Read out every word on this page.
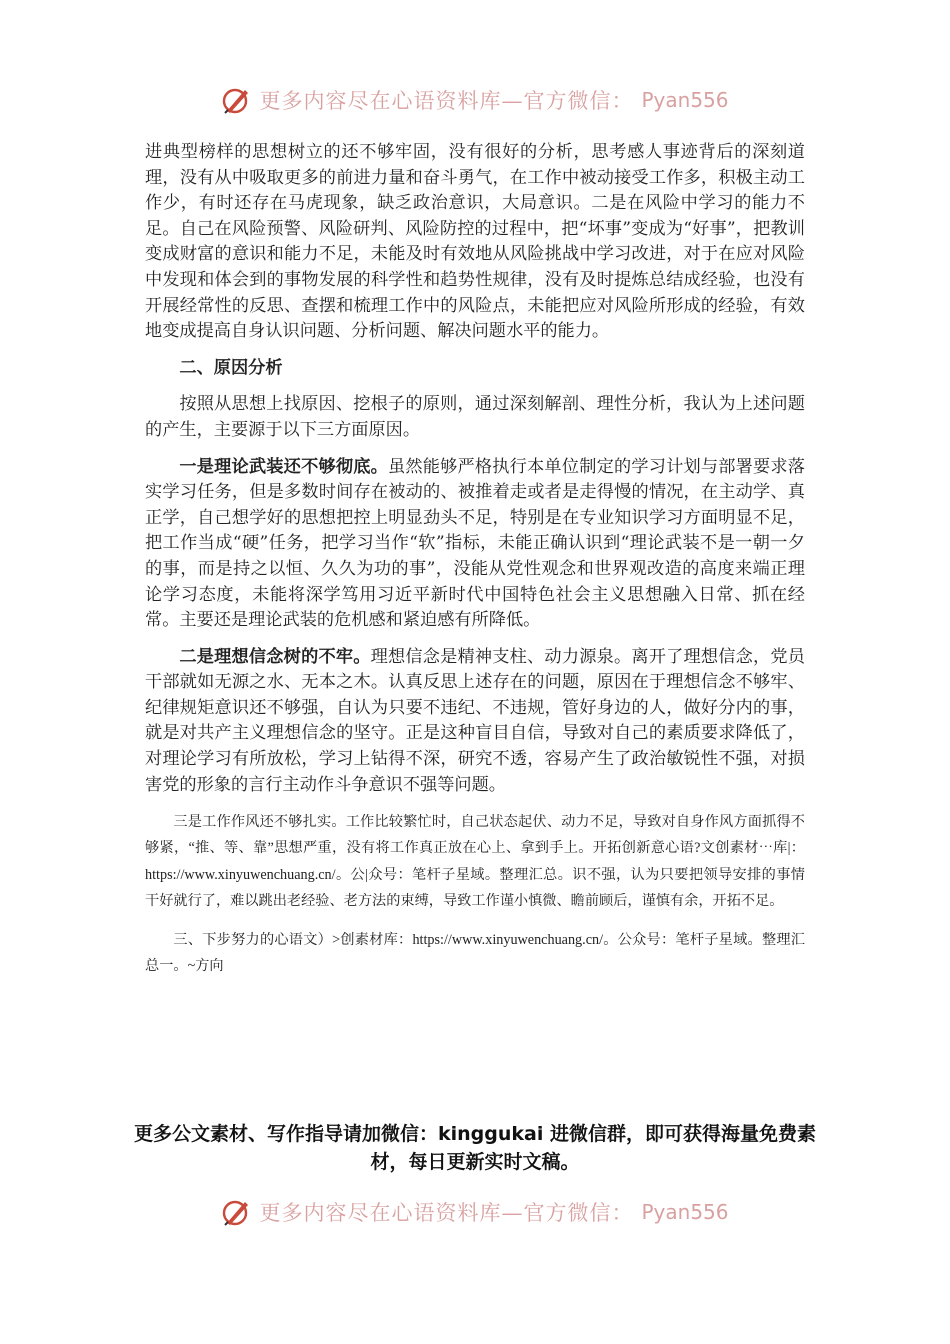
更多内容尽在心语资料库—官方微信： Pyan556

进典型榜样的思想树立的还不够牢固，没有很好的分析，思考感人事迹背后的深刻道理，没有从中吸取更多的前进力量和奋斗勇气，在工作中被动接受工作多，积极主动工作少，有时还存在马虎现象，缺乏政治意识，大局意识。二是在风险中学习的能力不足。自己在风险预警、风险研判、风险防控的过程中，把“坏事”变成为“好事”，把教训变成财富的意识和能力不足，未能及时有效地从风险挑战中学习改进，对于在应对风险中发现和体会到的事物发展的科学性和趋势性规律，没有及时提炼总结成经验，也没有开展经常性的反思、查摆和梳理工作中的风险点，未能把应对风险所形成的经验，有效地变成提高自身认识问题、分析问题、解决问题水平的能力。

二、原因分析

按照从思想上找原因、挖根子的原则，通过深刻解剖、理性分析，我认为上述问题的产生，主要源于以下三方面原因。

一是理论武装还不够彻底。虽然能够严格执行本单位制定的学习计划与部署要求落实学习任务，但是多数时间存在被动的、被推着走或者是走得慢的情况，在主动学、真正学，自己想学好的思想把控上明显劲头不足，特别是在专业知识学习方面明显不足，把工作当成“硬”任务，把学习当作“软”指标，未能正确认识到“理论武装不是一朝一夕的事，而是持之以恒、久久为功的事”，没能从党性观念和世界观改造的高度来端正理论学习态度，未能将深学笃用习近平新时代中国特色社会主义思想融入日常、抓在经常。主要还是理论武装的危机感和紧迫感有所降低。

二是理想信念树的不牢。理想信念是精神支柱、动力源泉。离开了理想信念，党员干部就如无源之水、无本之木。认真反思上述存在的问题，原因在于理想信念不够牢、纪律规矩意识还不够强，自认为只要不违纪、不违规，管好身边的人，做好分内的事，就是对共产主义理想信念的坚守。正是这种盲目自信，导致对自己的素质要求降低了，对理论学习有所放松，学习上钻得不深，研究不透，容易产生了政治敏锐性不强，对损害党的形象的言行主动作斗争意识不强等问题。

三是工作作风还不够扎实。工作比较繁忙时，自己状态起伏、动力不足，导致对自身作风方面抓得不够紧，“推、等、靠”思想严重，没有将工作真正放在心上、拿到手上。开拓创新意心语?文创素材⋯库|：https://www.xinyuwenchuang.cn/。公|众号：笔杆子星域。整理汇总。识不强，认为只要把领导安排的事情干好就行了，难以跳出老经验、老方法的束缚，导致工作谨小慎微、瞻前顾后，谨慎有余，开拓不足。

三、下步努力的心语文）>创素材库：https://www.xinyuwenchuang.cn/。公众号：笔杆子星域。整理汇总一。~方向

更多公文素材、写作指导请加微信：kinggukai 进微信群，即可获得海量免费素材，每日更新实时文稿。
更多内容尽在心语资料库—官方微信： Pyan556
